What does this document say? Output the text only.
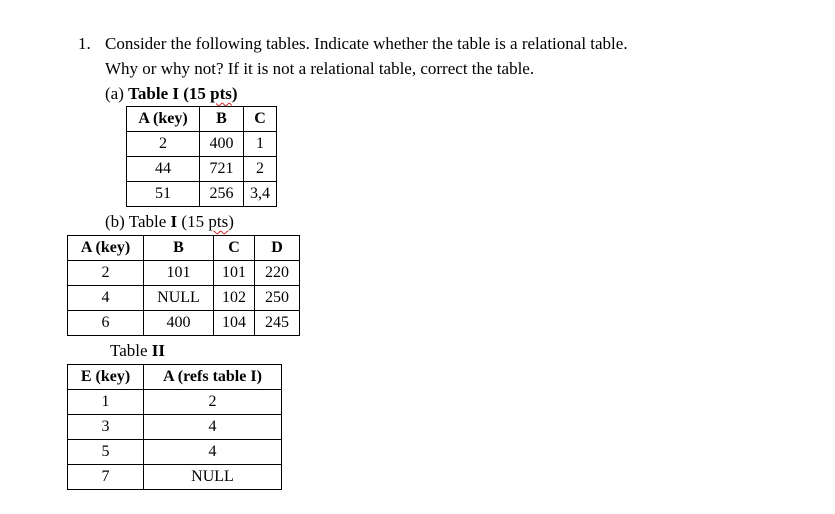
1. Consider the following tables. Indicate whether the table is a relational table.
Why or why not? If it is not a relational table, correct the table.
(a) Table I (15 pts)
A (key)	B	C
2	400	1
44	721	2
51	256	3,4
(b) Table I (15 pts)
A (key)	B	C	D
2	101	101	220
4	NULL	102	250
6	400	104	245
Table II
E (key)	A (refs table I)
1	2
3	4
5	4
7	NULL
